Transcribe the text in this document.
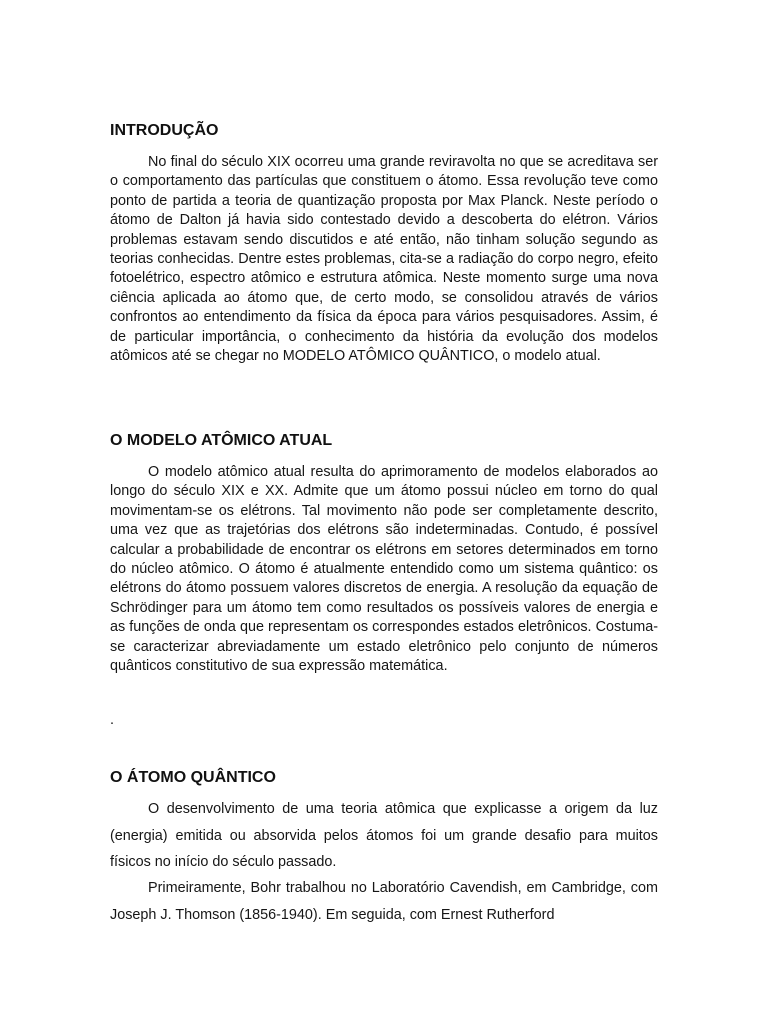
INTRODUÇÃO

No final do século XIX ocorreu uma grande reviravolta no que se acreditava ser o comportamento das partículas que constituem o átomo. Essa revolução teve como ponto de partida a teoria de quantização proposta por Max Planck. Neste período o átomo de Dalton já havia sido contestado devido a descoberta do elétron. Vários problemas estavam sendo discutidos e até então, não tinham solução segundo as teorias conhecidas. Dentre estes problemas, cita-se a radiação do corpo negro, efeito fotoelétrico, espectro atômico e estrutura atômica. Neste momento surge uma nova ciência aplicada ao átomo que, de certo modo, se consolidou através de vários confrontos ao entendimento da física da época para vários pesquisadores. Assim, é de particular importância, o conhecimento da história da evolução dos modelos atômicos até se chegar no MODELO ATÔMICO QUÂNTICO, o modelo atual.

O MODELO ATÔMICO ATUAL

O modelo atômico atual resulta do aprimoramento de modelos elaborados ao longo do século XIX e XX. Admite que um átomo possui núcleo em torno do qual movimentam-se os elétrons. Tal movimento não pode ser completamente descrito, uma vez que as trajetórias dos elétrons são indeterminadas. Contudo, é possível calcular a probabilidade de encontrar os elétrons em setores determinados em torno do núcleo atômico. O átomo é atualmente entendido como um sistema quântico: os elétrons do átomo possuem valores discretos de energia. A resolução da equação de Schrödinger para um átomo tem como resultados os possíveis valores de energia e as funções de onda que representam os correspondes estados eletrônicos. Costuma-se caracterizar abreviadamente um estado eletrônico pelo conjunto de números quânticos constitutivo de sua expressão matemática.

.

O ÁTOMO QUÂNTICO

O desenvolvimento de uma teoria atômica que explicasse a origem da luz (energia) emitida ou absorvida pelos átomos foi um grande desafio para muitos físicos no início do século passado.

Primeiramente, Bohr trabalhou no Laboratório Cavendish, em Cambridge, com Joseph J. Thomson (1856-1940). Em seguida, com Ernest Rutherford
